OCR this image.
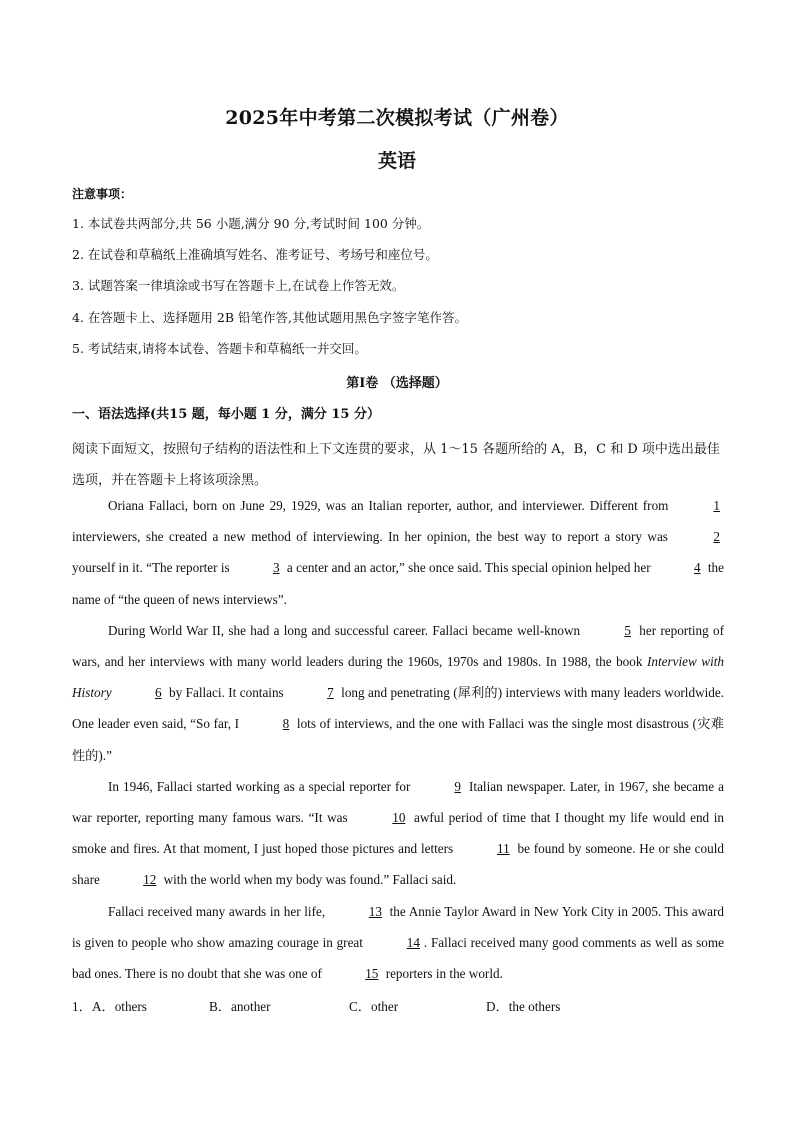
2025年中考第二次模拟考试（广州卷）
英语
注意事项：
1. 本试卷共两部分,共 56 小题,满分 90 分,考试时间 100 分钟。
2. 在试卷和草稿纸上准确填写姓名、准考证号、考场号和座位号。
3. 试题答案一律填涂或书写在答题卡上,在试卷上作答无效。
4. 在答题卡上、选择题用 2B 铅笔作答,其他试题用黑色字签字笔作答。
5. 考试结束,请将本试卷、答题卡和草稿纸一并交回。
第Ⅰ卷 （选择题）
一、语法选择(共15 题，每小题 1 分，满分 15 分）
阅读下面短文，按照句子结构的语法性和上下文连贯的要求，从 1～15 各题所给的 A，B，C 和 D 项中选出最佳选项，并在答题卡上将该项涂黑。

Oriana Fallaci, born on June 29, 1929, was an Italian reporter, author, and interviewer. Different from	1 interviewers, she created a new method of interviewing. In her opinion, the best way to report a story was	2 yourself in it. “The reporter is	3 a center and an actor,” she once said. This special opinion helped her	4 the name of “the queen of news interviews”.

During World War II, she had a long and successful career. Fallaci became well-known	5 her reporting of wars, and her interviews with many world leaders during the 1960s, 1970s and 1980s. In 1988, the book Interview with History	6 by Fallaci. It contains	7 long and penetrating (犀利的) interviews with many leaders worldwide. One leader even said, “So far, I	8 lots of interviews, and the one with Fallaci was the single most disastrous (灾难性的).”

In 1946, Fallaci started working as a special reporter for	9 Italian newspaper. Later, in 1967, she became a war reporter, reporting many famous wars. “It was	10 awful period of time that I thought my life would end in smoke and fires. At that moment, I just hoped those pictures and letters	11 be found by someone. He or she could share	12 with the world when my body was found.” Fallaci said.

Fallaci received many awards in her life,	13 the Annie Taylor Award in New York City in 2005. This award is given to people who show amazing courage in great	14 . Fallaci received many good comments as well as some bad ones. There is no doubt that she was one of	15 reporters in the world.

1． A．others	B．another	C．other	D．the others
